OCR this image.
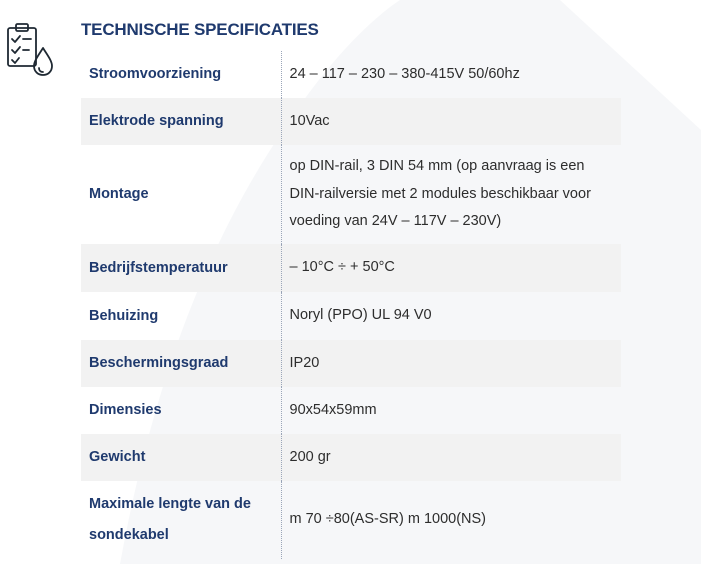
TECHNISCHE SPECIFICATIES
Stroomvoorziening	24 – 117 – 230 – 380-415V 50/60hz
Elektrode spanning	10Vac
Montage	op DIN-rail, 3 DIN 54 mm (op aanvraag is een DIN-railversie met 2 modules beschikbaar voor voeding van 24V – 117V – 230V)
Bedrijfstemperatuur	– 10°C ÷ + 50°C
Behuizing	Noryl (PPO) UL 94 V0
Beschermingsgraad	IP20
Dimensies	90x54x59mm
Gewicht	200 gr
Maximale lengte van de sondekabel	m 70 ÷80(AS-SR) m 1000(NS)
